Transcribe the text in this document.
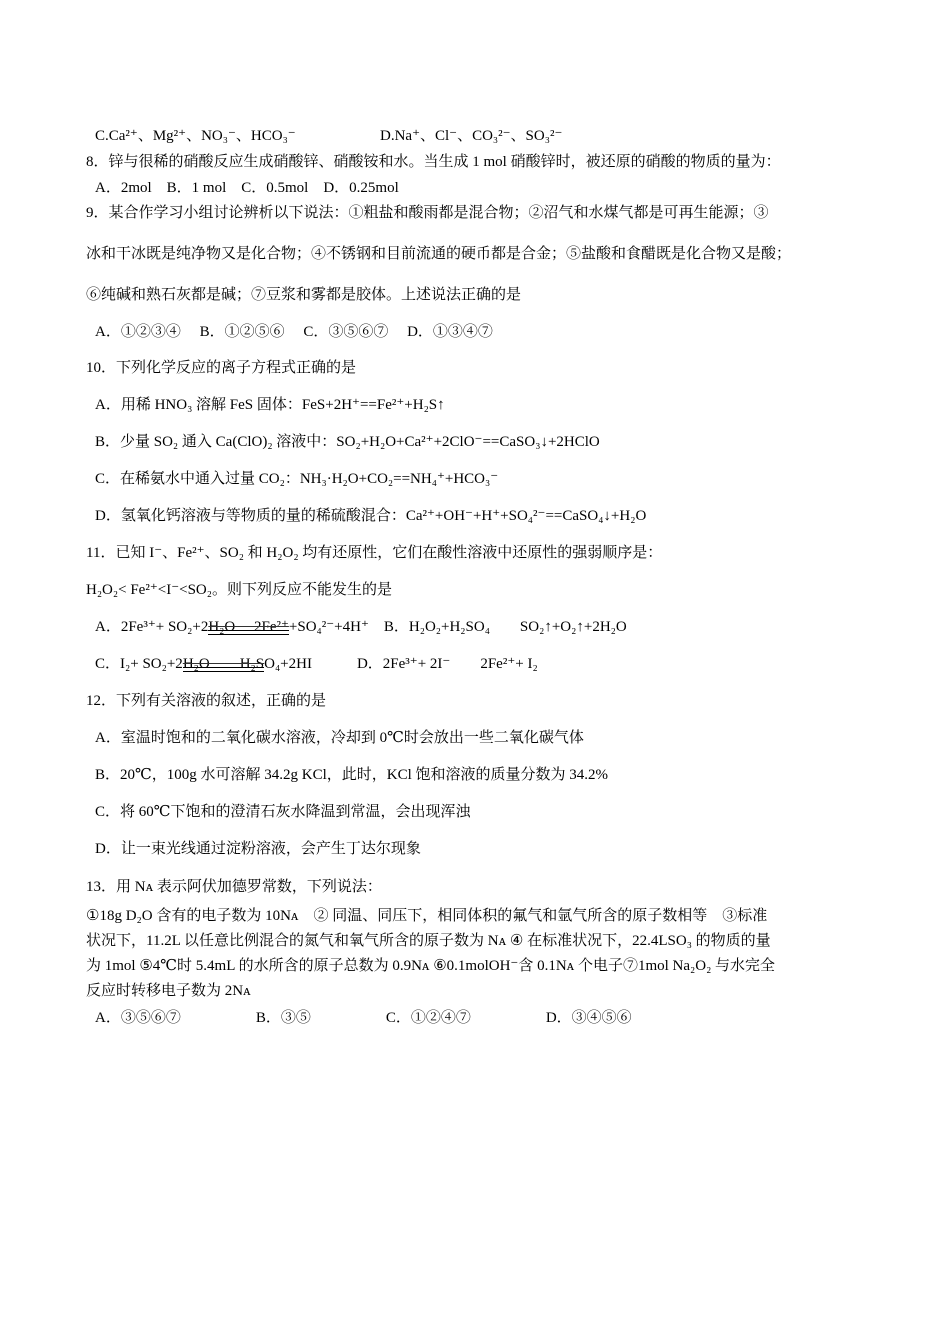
C.Ca²⁺、Mg²⁺、NO₃⁻、HCO₃⁻	D.Na⁺、Cl⁻、CO₃²⁻、SO₃²⁻
8．锌与很稀的硝酸反应生成硝酸锌、硝酸铵和水。当生成 1 mol 硝酸锌时，被还原的硝酸的物质的量为：
A．2mol　B．1 mol　C．0.5mol　D．0.25mol
9．某合作学习小组讨论辨析以下说法：①粗盐和酸雨都是混合物；②沼气和水煤气都是可再生能源；③
冰和干冰既是纯净物又是化合物；④不锈钢和目前流通的硬币都是合金；⑤盐酸和食醋既是化合物又是酸；
⑥纯碱和熟石灰都是碱；⑦豆浆和雾都是胶体。上述说法正确的是
A．①②③④　 B．①②⑤⑥　 C．③⑤⑥⑦　 D．①③④⑦
10．下列化学反应的离子方程式正确的是
A．用稀 HNO₃ 溶解 FeS 固体：FeS+2H⁺==Fe²⁺+H₂S↑
B．少量 SO₂ 通入 Ca(ClO)₂ 溶液中：SO₂+H₂O+Ca²⁺+2ClO⁻==CaSO₃↓+2HClO
C．在稀氨水中通入过量 CO₂：NH₃·H₂O+CO₂==NH₄⁺+HCO₃⁻
D．氢氧化钙溶液与等物质的量的稀硫酸混合：Ca²⁺+OH⁻+H⁺+SO₄²⁻==CaSO₄↓+H₂O
11．已知 I⁻、Fe²⁺、SO₂ 和 H₂O₂ 均有还原性，它们在酸性溶液中还原性的强弱顺序是：
H₂O₂< Fe²⁺<I⁻<SO₂。则下列反应不能发生的是
A．2Fe³⁺+ SO₂+2H₂O　 2Fe²⁺
+SO₄²⁻+4H⁺　B．H₂O₂+H₂SO₄　　SO₂↑+O₂↑+2H₂O
C．I₂+ SO₂+2H₂O　　H₂S
O₄+2HI　　　D．2Fe³⁺+ 2I⁻　　2Fe²⁺+ I₂
12．下列有关溶液的叙述，正确的是
A．室温时饱和的二氧化碳水溶液，冷却到 0℃时会放出一些二氧化碳气体
B．20℃，100g 水可溶解 34.2g KCl，此时，KCl 饱和溶液的质量分数为 34.2%
C．将 60℃下饱和的澄清石灰水降温到常温，会出现浑浊
D．让一束光线通过淀粉溶液，会产生丁达尔现象
13．用 Nᴀ 表示阿伏加德罗常数，下列说法：
①18g D₂O 含有的电子数为 10Nᴀ　② 同温、同压下，相同体积的氟气和氩气所含的原子数相等　③标准
状况下，11.2L 以任意比例混合的氮气和氧气所含的原子数为 Nᴀ ④ 在标准状况下，22.4LSO₃ 的物质的量
为 1mol ⑤4℃时 5.4mL 的水所含的原子总数为 0.9Nᴀ ⑥0.1molOH⁻含 0.1Nᴀ 个电子⑦1mol Na₂O₂ 与水完全
反应时转移电子数为 2Nᴀ
A．③⑤⑥⑦　　　　　B．③⑤　　　　　C．①②④⑦　　　　　D．③④⑤⑥
